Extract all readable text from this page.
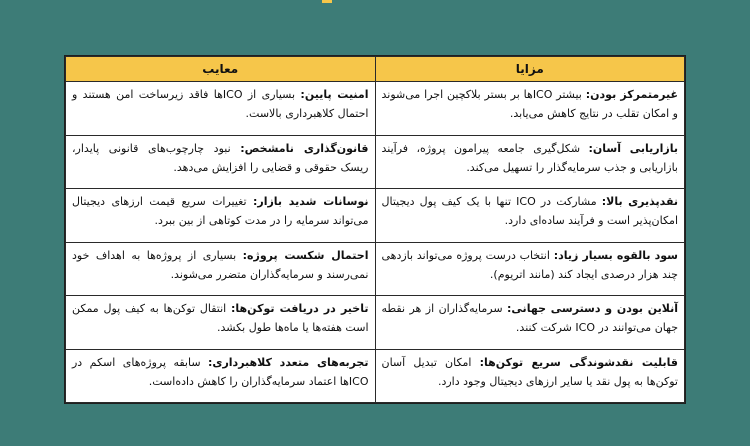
مزایا	معایب
غیرمتمرکز بودن: بیشتر ICOها بر بستر بلاکچین اجرا می‌شوند و امکان تقلب در نتایج کاهش می‌یابد.	امنیت پایین: بسیاری از ICOها فاقد زیرساخت امن هستند و احتمال کلاهبرداری بالاست.
بازاریابی آسان: شکل‌گیری جامعه پیرامون پروژه، فرآیند بازاریابی و جذب سرمایه‌گذار را تسهیل می‌کند.	قانون‌گذاری نامشخص: نبود چارچوب‌های قانونی پایدار، ریسک حقوقی و قضایی را افزایش می‌دهد.
نقدپذیری بالا: مشارکت در ICO تنها با یک کیف پول دیجیتال امکان‌پذیر است و فرآیند ساده‌ای دارد.	نوسانات شدید بازار: تغییرات سریع قیمت ارزهای دیجیتال می‌تواند سرمایه را در مدت کوتاهی از بین ببرد.
سود بالقوه بسیار زیاد: انتخاب درست پروژه می‌تواند بازدهی چند هزار درصدی ایجاد کند (مانند اتریوم).	احتمال شکست پروژه: بسیاری از پروژه‌ها به اهداف خود نمی‌رسند و سرمایه‌گذاران متضرر می‌شوند.
آنلاین بودن و دسترسی جهانی: سرمایه‌گذاران از هر نقطه جهان می‌توانند در ICO شرکت کنند.	تاخیر در دریافت توکن‌ها: انتقال توکن‌ها به کیف پول ممکن است هفته‌ها یا ماه‌ها طول بکشد.
قابلیت نقدشوندگی سریع توکن‌ها: امکان تبدیل آسان توکن‌ها به پول نقد یا سایر ارزهای دیجیتال وجود دارد.	تجربه‌های متعدد کلاهبرداری: سابقه پروژه‌های اسکم در ICOها اعتماد سرمایه‌گذاران را کاهش داده‌است.
